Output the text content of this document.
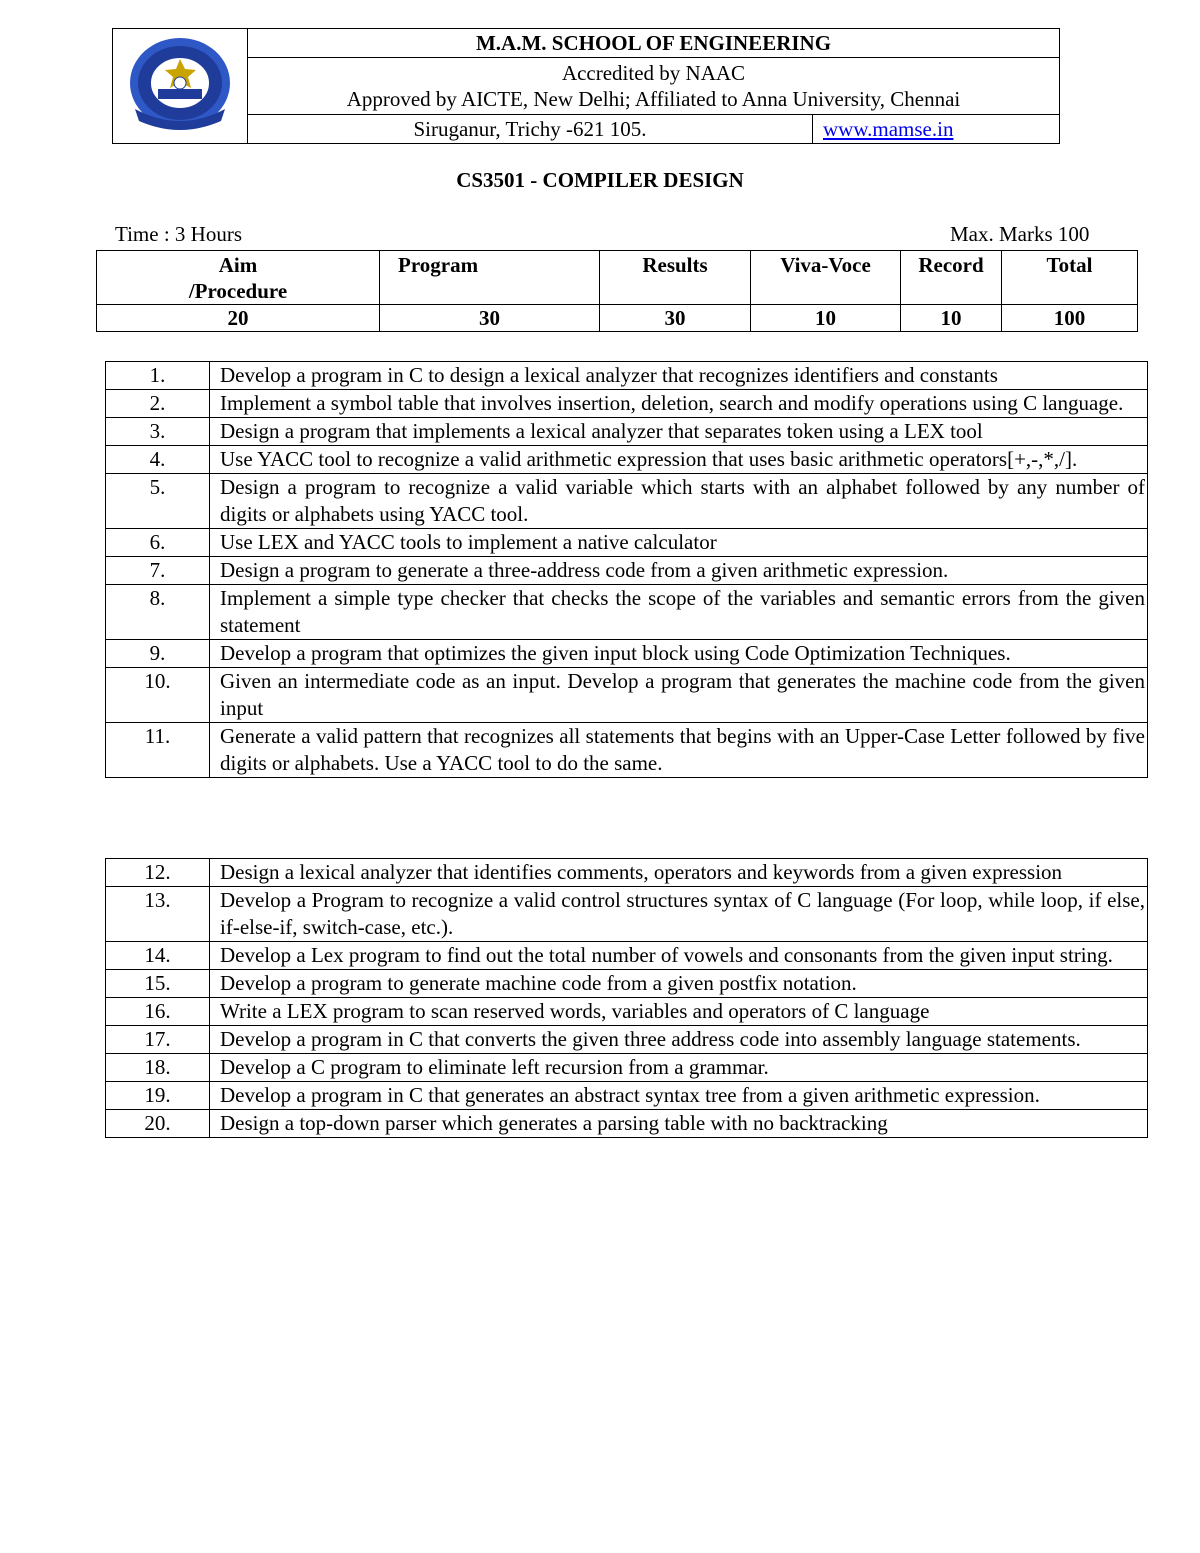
	M.A.M. SCHOOL OF ENGINEERING	

	Accredited by NAAC
Approved by AICTE, New Delhi; Affiliated to Anna University, Chennai	

	Siruganur, Trichy -621 105.	www.mamse.in
CS3501 - COMPILER DESIGN
Time : 3 Hours	Max. Marks 100
Aim
/Procedure	Program	Results	Viva-Voce	Record	Total
20	30	30	10	10	100
1.	Develop a program in C to design a lexical analyzer that recognizes identifiers and constants
2.	Implement a symbol table that involves insertion, deletion, search and modify operations using C language.
3.	Design a program that implements a lexical analyzer that separates token using a LEX tool
4.	Use YACC tool to recognize a valid arithmetic expression that uses basic arithmetic operators[+,-,*,/].
5.	Design a program to recognize a valid variable which starts with an alphabet followed by any number of digits or alphabets using YACC tool.
6.	Use LEX and YACC tools to implement a native calculator
7.	Design a program to generate a three-address code from a given arithmetic expression.
8.	Implement a simple type checker that checks the scope of the variables and semantic errors from the given statement
9.	Develop a program that optimizes the given input block using Code Optimization Techniques.
10.	Given an intermediate code as an input. Develop a program that generates the machine code from the given input
11.	Generate a valid pattern that recognizes all statements that begins with an Upper-Case Letter followed by five digits or alphabets. Use a YACC tool to do the same.
12.	Design a lexical analyzer that identifies comments, operators and keywords from a given expression
13.	Develop a Program to recognize a valid control structures syntax of C language (For loop, while loop, if else, if-else-if, switch-case, etc.).
14.	Develop a Lex program to find out the total number of vowels and consonants from the given input string.
15.	Develop a program to generate machine code from a given postfix notation.
16.	Write a LEX program to scan reserved words, variables and operators of C language
17.	Develop a program in C that converts the given three address code into assembly language statements.
18.	Develop a C program to eliminate left recursion from a grammar.
19.	Develop a program in C that generates an abstract syntax tree from a given arithmetic expression.
20.	Design a top-down parser which generates a parsing table with no backtracking
